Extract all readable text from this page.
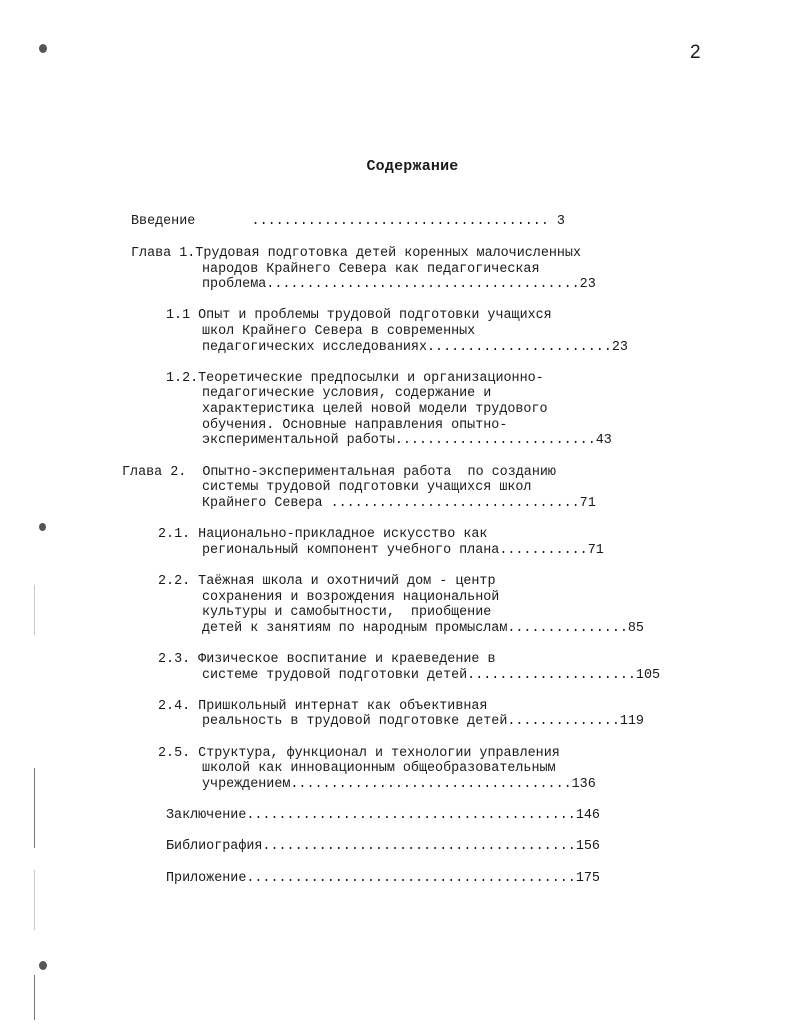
2
Содержание
Введение       ..................................... 3
Глава 1.Трудовая подготовка детей коренных малочисленных
народов Крайнего Севера как педагогическая
проблема.......................................23
1.1 Опыт и проблемы трудовой подготовки учащихся
школ Крайнего Севера в современных
педагогических исследованиях.......................23
1.2.Теоретические предпосылки и организационно-
педагогические условия, содержание и
характеристика целей новой модели трудового
обучения. Основные направления опытно-
экспериментальной работы.........................43
Глава 2.  Опытно-экспериментальная работа  по созданию
системы трудовой подготовки учащихся школ
Крайнего Севера ...............................71
2.1. Национально-прикладное искусство как
региональный компонент учебного плана...........71
2.2. Таёжная школа и охотничий дом - центр
сохранения и возрождения национальной
культуры и самобытности,  приобщение
детей к занятиям по народным промыслам...............85
2.3. Физическое воспитание и краеведение в
системе трудовой подготовки детей.....................105
2.4. Пришкольный интернат как объективная
реальность в трудовой подготовке детей..............119
2.5. Структура, функционал и технологии управления
школой как инновационным общеобразовательным
учреждением...................................136
Заключение.........................................146
Библиография.......................................156
Приложение.........................................175
